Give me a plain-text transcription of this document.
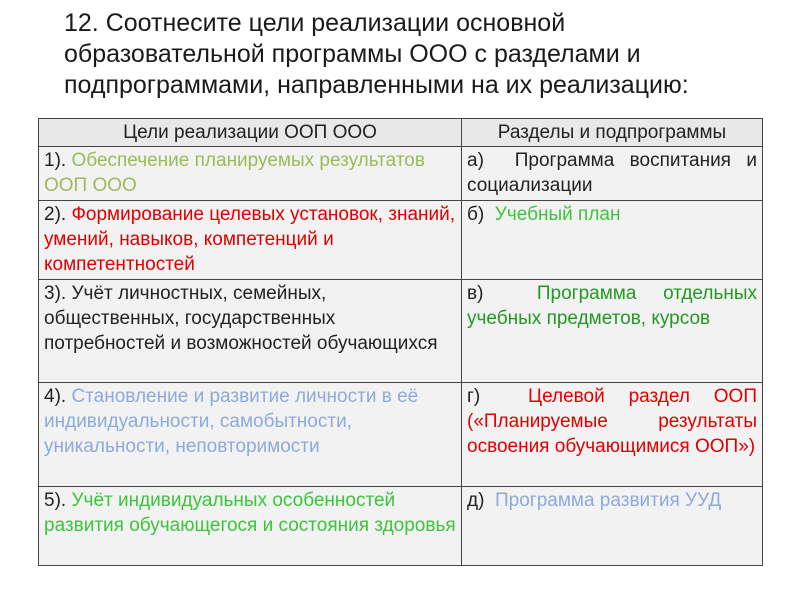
12. Соотнесите цели реализации основной образовательной программы ООО с разделами и подпрограммами, направленными на их реализацию:
Цели реализации ООП ООО	Разделы и подпрограммы
1). Обеспечение планируемых результатов ООП ООО	а) Программа воспитания и социализации

2). Формирование целевых установок, знаний, умений, навыков, компетенций и компетентностей	б) Учебный план

3). Учёт личностных, семейных, общественных, государственных потребностей и возможностей обучающихся	в) Программа отдельных учебных предметов, курсов

4). Становление и развитие личности в её индивидуальности, самобытности, уникальности, неповторимости	г) Целевой раздел ООП («Планируемые результаты освоения обучающимися ООП»)

5). Учёт индивидуальных особенностей развития обучающегося и состояния здоровья	д) Программа развития УУД
